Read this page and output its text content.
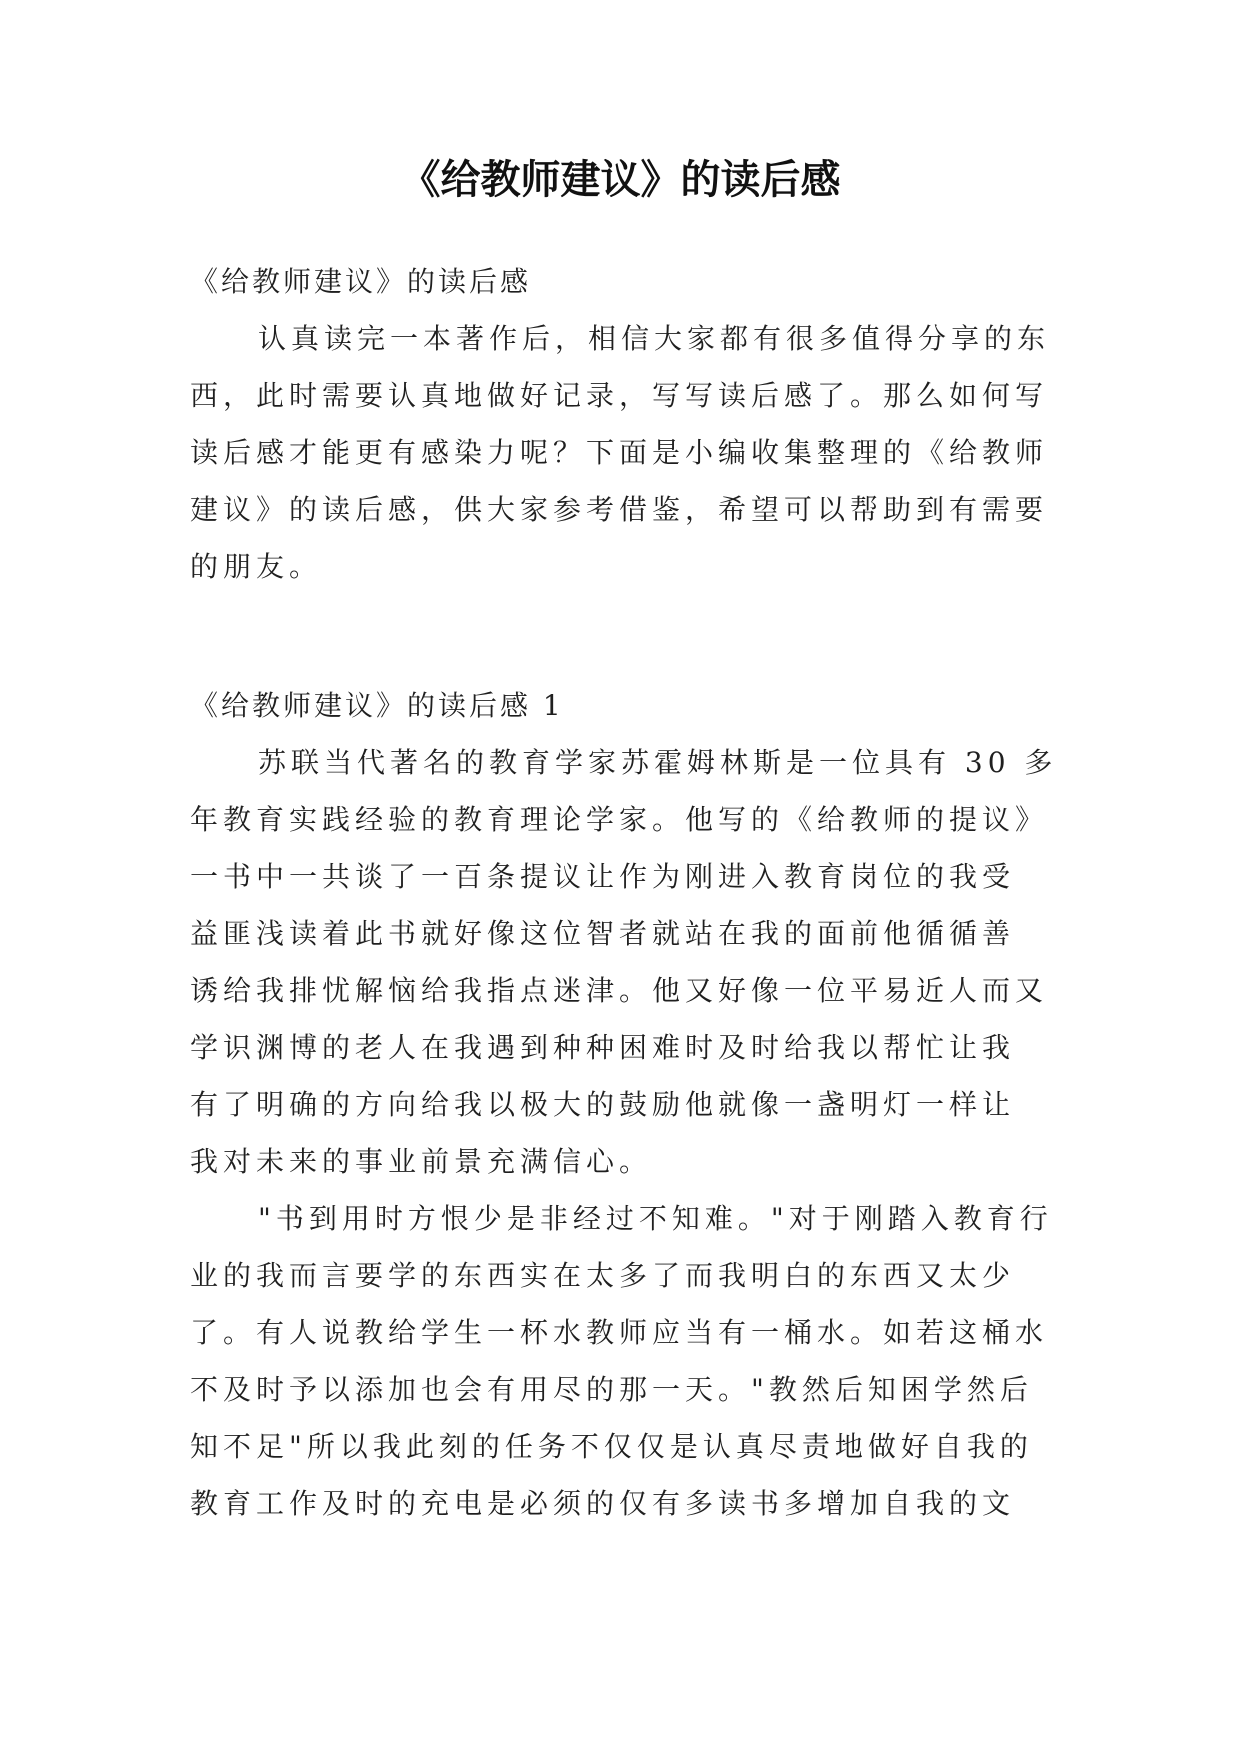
《给教师建议》的读后感

《给教师建议》的读后感

认真读完一本著作后，相信大家都有很多值得分享的东

西，此时需要认真地做好记录，写写读后感了。那么如何写

读后感才能更有感染力呢？下面是小编收集整理的《给教师

建议》的读后感，供大家参考借鉴，希望可以帮助到有需要

的朋友。

《给教师建议》的读后感 1

苏联当代著名的教育学家苏霍姆林斯是一位具有 30 多

年教育实践经验的教育理论学家。他写的《给教师的提议》

一书中一共谈了一百条提议让作为刚进入教育岗位的我受

益匪浅读着此书就好像这位智者就站在我的面前他循循善

诱给我排忧解恼给我指点迷津。他又好像一位平易近人而又

学识渊博的老人在我遇到种种困难时及时给我以帮忙让我

有了明确的方向给我以极大的鼓励他就像一盏明灯一样让

我对未来的事业前景充满信心。

"书到用时方恨少是非经过不知难。"对于刚踏入教育行

业的我而言要学的东西实在太多了而我明白的东西又太少

了。有人说教给学生一杯水教师应当有一桶水。如若这桶水

不及时予以添加也会有用尽的那一天。"教然后知困学然后

知不足"所以我此刻的任务不仅仅是认真尽责地做好自我的

教育工作及时的充电是必须的仅有多读书多增加自我的文
